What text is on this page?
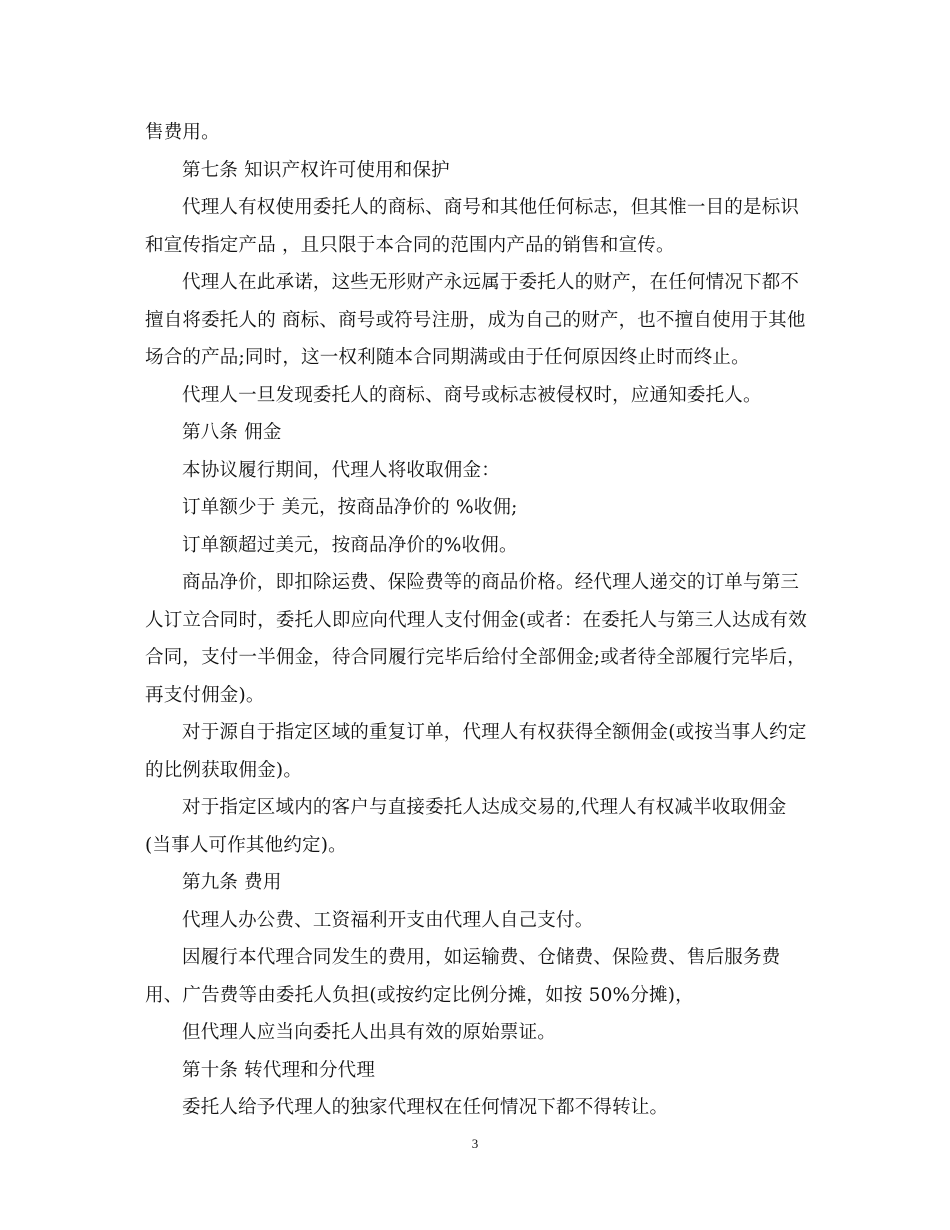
售费用。
第七条 知识产权许可使用和保护
代理人有权使用委托人的商标、商号和其他任何标志，但其惟一目的是标识
和宣传指定产品 ，且只限于本合同的范围内产品的销售和宣传。
代理人在此承诺，这些无形财产永远属于委托人的财产，在任何情况下都不
擅自将委托人的 商标、商号或符号注册，成为自己的财产，也不擅自使用于其他
场合的产品;同时，这一权利随本合同期满或由于任何原因终止时而终止。
代理人一旦发现委托人的商标、商号或标志被侵权时，应通知委托人。
第八条 佣金
本协议履行期间，代理人将收取佣金：
订单额少于 美元，按商品净价的 %收佣;
订单额超过美元，按商品净价的%收佣。
商品净价，即扣除运费、保险费等的商品价格。经代理人递交的订单与第三
人订立合同时，委托人即应向代理人支付佣金(或者：在委托人与第三人达成有效
合同，支付一半佣金，待合同履行完毕后给付全部佣金;或者待全部履行完毕后，
再支付佣金)。
对于源自于指定区域的重复订单，代理人有权获得全额佣金(或按当事人约定
的比例获取佣金)。
对于指定区域内的客户与直接委托人达成交易的,代理人有权减半收取佣金
(当事人可作其他约定)。
第九条 费用
代理人办公费、工资福利开支由代理人自己支付。
因履行本代理合同发生的费用，如运输费、仓储费、保险费、售后服务费
用、广告费等由委托人负担(或按约定比例分摊，如按 50%分摊)，
但代理人应当向委托人出具有效的原始票证。
第十条 转代理和分代理
委托人给予代理人的独家代理权在任何情况下都不得转让。
3
